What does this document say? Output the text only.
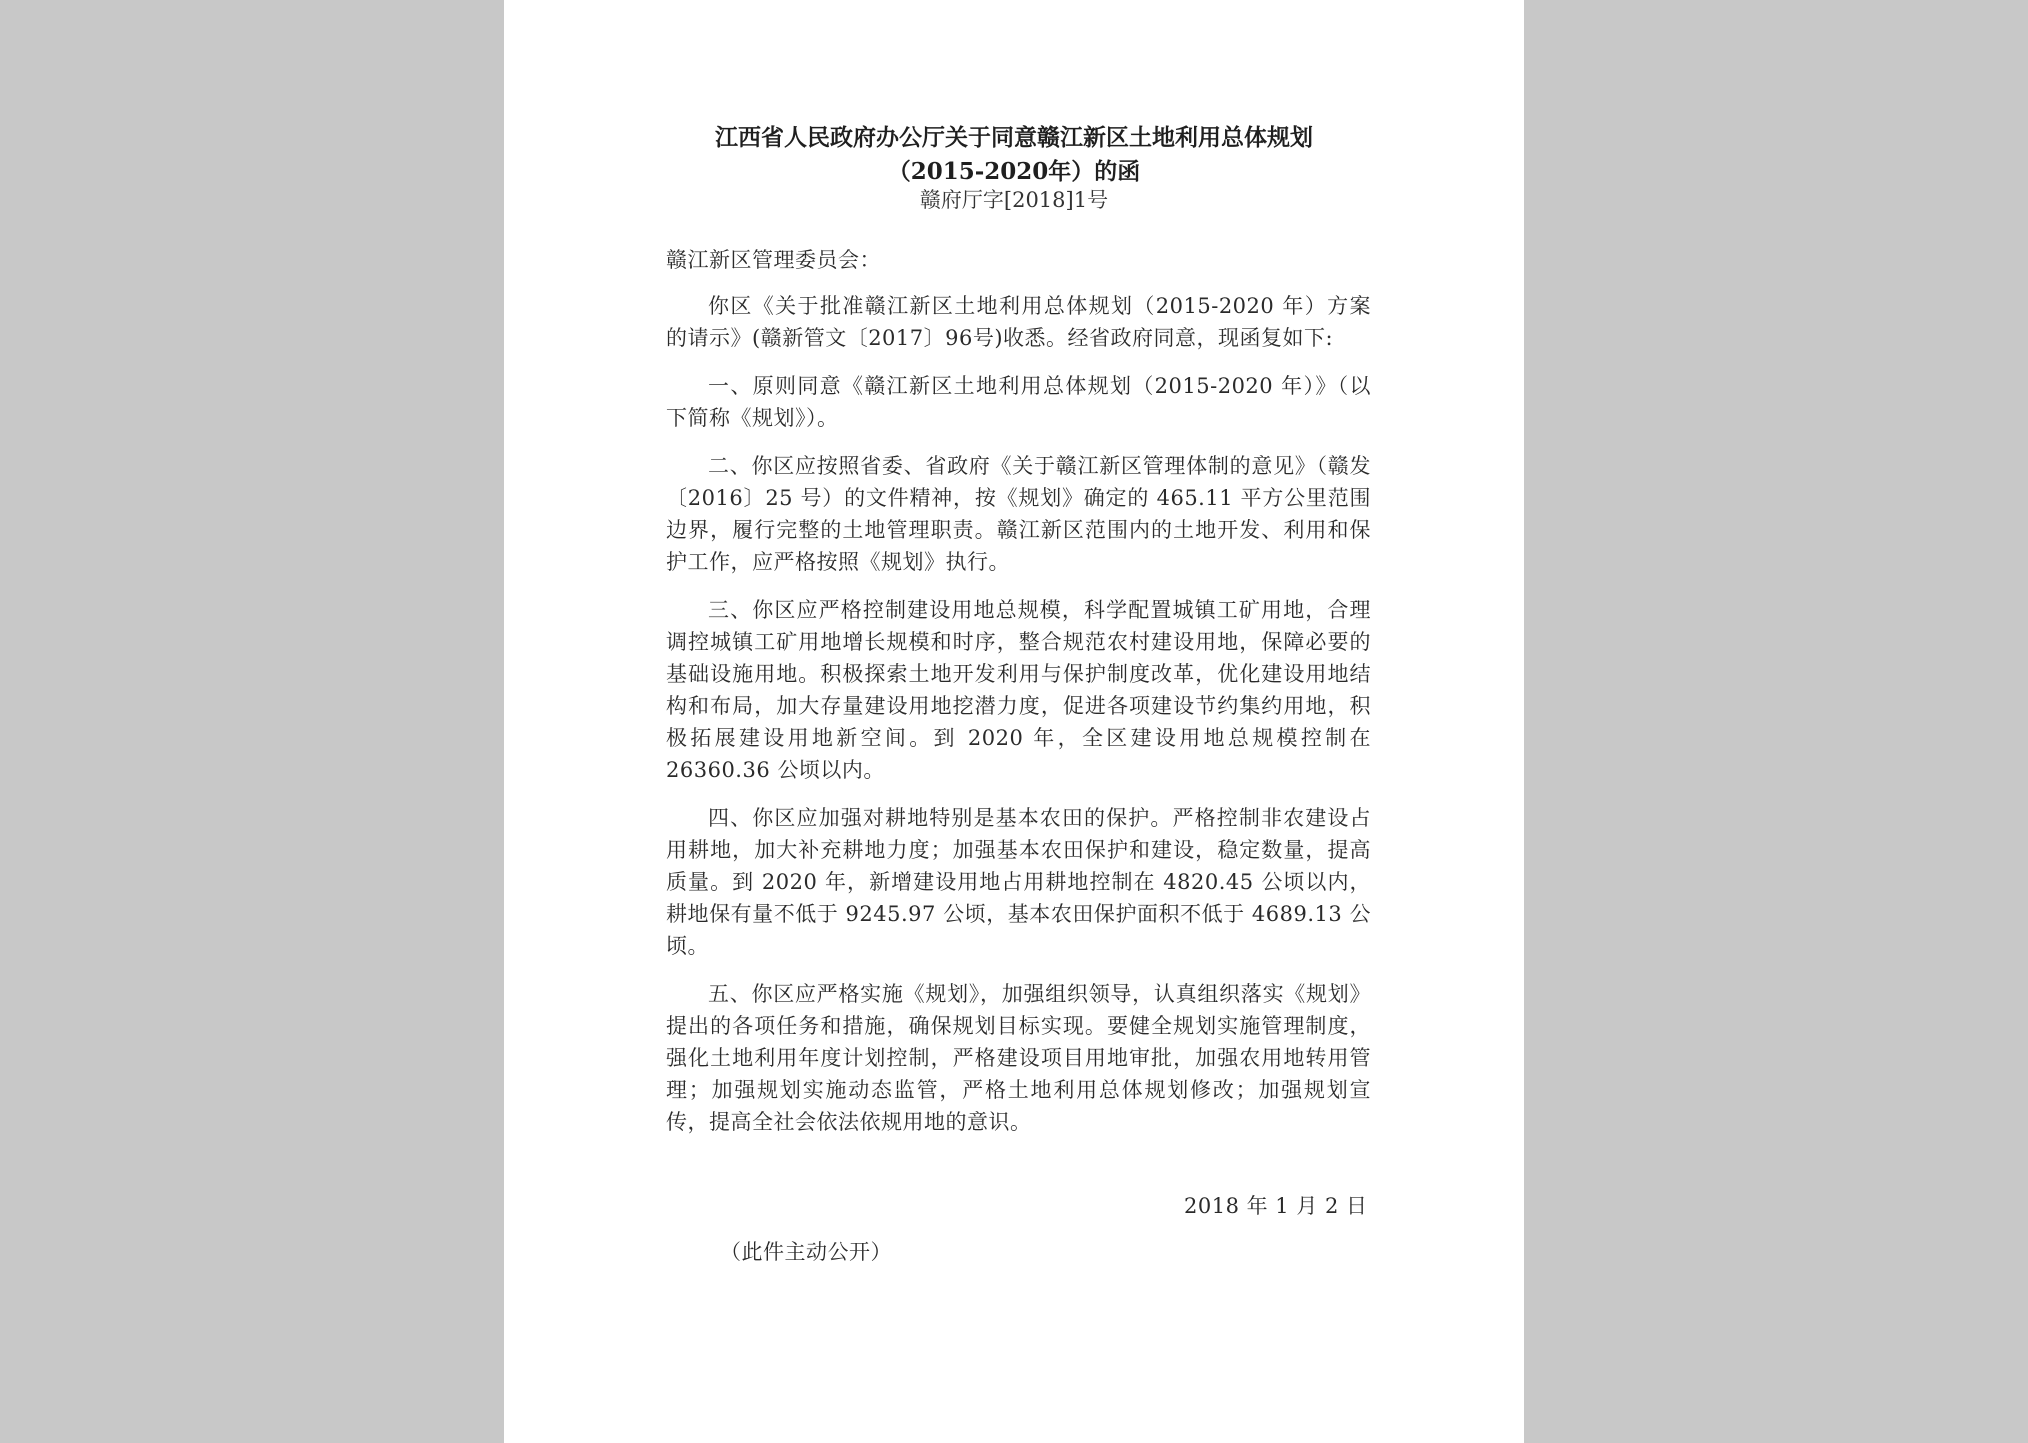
江西省人民政府办公厅关于同意赣江新区土地利用总体规划
（2015-2020年）的函
赣府厅字[2018]1号

赣江新区管理委员会：

你区《关于批准赣江新区土地利用总体规划（2015-2020 年）方案的请示》(赣新管文〔2017〕96号)收悉。经省政府同意，现函复如下:

一、原则同意《赣江新区土地利用总体规划（2015-2020 年）》（以下简称《规划》）。

二、你区应按照省委、省政府《关于赣江新区管理体制的意见》（赣发〔2016〕25 号）的文件精神，按《规划》确定的 465.11 平方公里范围边界，履行完整的土地管理职责。赣江新区范围内的土地开发、利用和保护工作，应严格按照《规划》执行。

三、你区应严格控制建设用地总规模，科学配置城镇工矿用地，合理调控城镇工矿用地增长规模和时序，整合规范农村建设用地，保障必要的基础设施用地。积极探索土地开发利用与保护制度改革，优化建设用地结构和布局，加大存量建设用地挖潜力度，促进各项建设节约集约用地，积极拓展建设用地新空间。到 2020 年，全区建设用地总规模控制在 26360.36 公顷以内。

四、你区应加强对耕地特别是基本农田的保护。严格控制非农建设占用耕地，加大补充耕地力度；加强基本农田保护和建设，稳定数量，提高质量。到 2020 年，新增建设用地占用耕地控制在 4820.45 公顷以内，耕地保有量不低于 9245.97 公顷，基本农田保护面积不低于 4689.13 公顷。

五、你区应严格实施《规划》，加强组织领导，认真组织落实《规划》提出的各项任务和措施，确保规划目标实现。要健全规划实施管理制度，强化土地利用年度计划控制，严格建设项目用地审批，加强农用地转用管理；加强规划实施动态监管，严格土地利用总体规划修改；加强规划宣传，提高全社会依法依规用地的意识。

2018 年 1 月 2 日
（此件主动公开）
